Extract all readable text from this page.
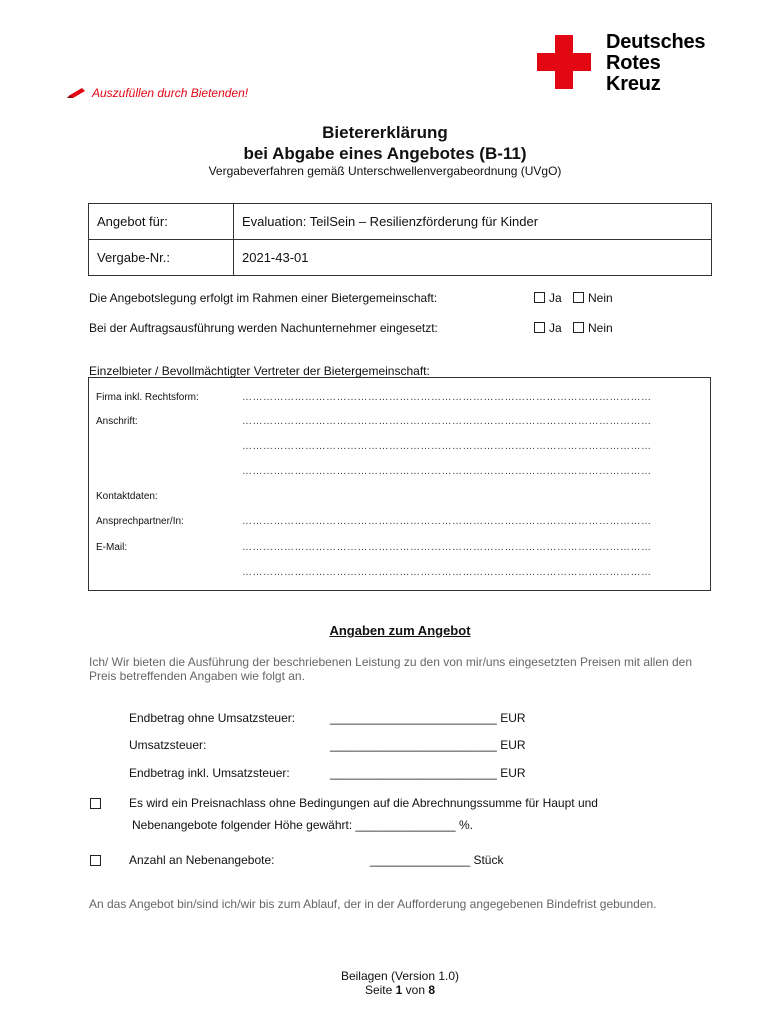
Deutsches
Rotes
Kreuz
Auszufüllen durch Bietenden!
Bietererklärung
bei Abgabe eines Angebotes (B-11)
Vergabeverfahren gemäß Unterschwellenvergabeordnung (UVgO)
Angebot für:	Evaluation: TeilSein – Resilienzförderung für Kinder
Vergabe-Nr.:	2021-43-01
Die Angebotslegung erfolgt im Rahmen einer Bietergemeinschaft:	Ja	Nein
Bei der Auftragsausführung werden Nachunternehmer eingesetzt:	Ja	Nein
Einzelbieter / Bevollmächtigter Vertreter der Bietergemeinschaft:
Firma inkl. Rechtsform:	………………………………………………………………………………………………………
Anschrift:	………………………………………………………………………………………………………
………………………………………………………………………………………………………
………………………………………………………………………………………………………
Kontaktdaten:
Ansprechpartner/In:	………………………………………………………………………………………………………
E-Mail:	………………………………………………………………………………………………………
………………………………………………………………………………………………………
Angaben zum Angebot
Ich/ Wir bieten die Ausführung der beschriebenen Leistung zu den von mir/uns eingesetzten Preisen mit allen den Preis betreffenden Angaben wie folgt an.
Endbetrag ohne Umsatzsteuer:	_________________________ EUR
Umsatzsteuer:	_________________________ EUR
Endbetrag inkl. Umsatzsteuer:	_________________________ EUR
Es wird ein Preisnachlass ohne Bedingungen auf die Abrechnungssumme für Haupt und
Nebenangebote folgender Höhe gewährt: _______________ %.
Anzahl an Nebenangebote:	_______________ Stück
An das Angebot bin/sind ich/wir bis zum Ablauf, der in der Aufforderung angegebenen Bindefrist gebunden.
Beilagen (Version 1.0)
Seite 1 von 8
